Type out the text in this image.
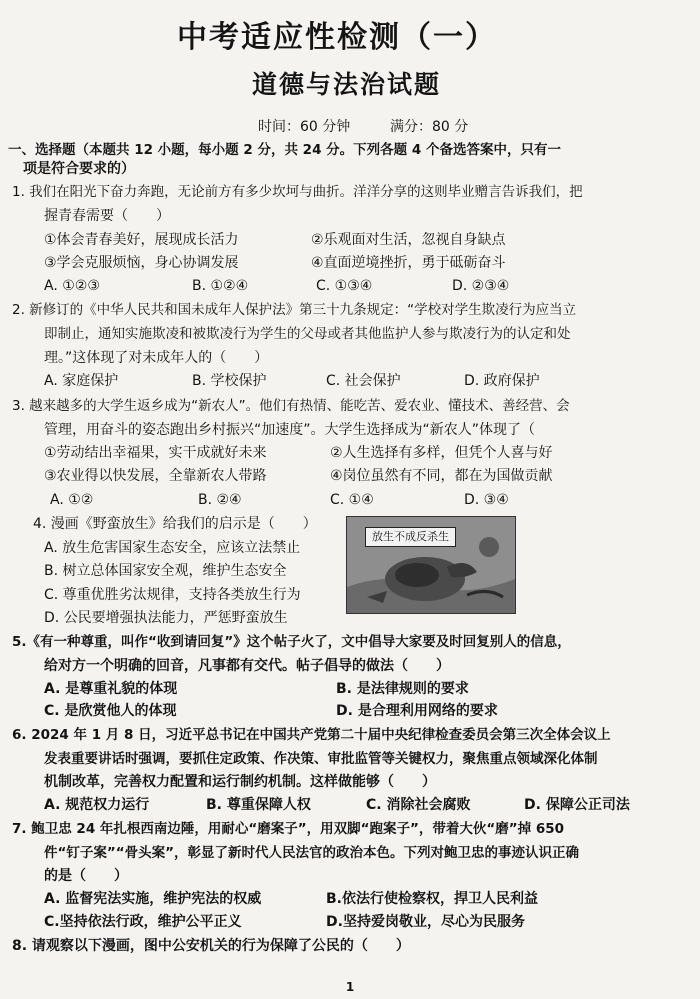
中考适应性检测（一）
道德与法治试题
时间：60 分钟	满分：80 分
一、选择题（本题共 12 小题，每小题 2 分，共 24 分。下列各题 4 个备选答案中，只有一
项是符合要求的）
1. 我们在阳光下奋力奔跑，无论前方有多少坎坷与曲折。洋洋分享的这则毕业赠言告诉我们，把
握青春需要（　　）
①体会青春美好，展现成长活力	②乐观面对生活，忽视自身缺点
③学会克服烦恼，身心协调发展	④直面逆境挫折，勇于砥砺奋斗
A. ①②③	B. ①②④	C. ①③④	D. ②③④
2. 新修订的《中华人民共和国未成年人保护法》第三十九条规定：“学校对学生欺凌行为应当立
即制止，通知实施欺凌和被欺凌行为学生的父母或者其他监护人参与欺凌行为的认定和处
理。”这体现了对未成年人的（　　）
A. 家庭保护	B. 学校保护	C. 社会保护	D. 政府保护
3. 越来越多的大学生返乡成为“新农人”。他们有热情、能吃苦、爱农业、懂技术、善经营、会
管理，用奋斗的姿态跑出乡村振兴“加速度”。大学生选择成为“新农人”体现了（
①劳动结出幸福果，实干成就好未来	②人生选择有多样，但凭个人喜与好
③农业得以快发展，全靠新农人带路	④岗位虽然有不同，都在为国做贡献
A. ①②	B. ②④	C. ①④	D. ③④
4. 漫画《野蛮放生》给我们的启示是（　　）
A. 放生危害国家生态安全，应该立法禁止
B. 树立总体国家安全观，维护生态安全
C. 尊重优胜劣汰规律，支持各类放生行为
D. 公民要增强执法能力，严惩野蛮放生
放生不成反杀生
5.《有一种尊重，叫作“收到请回复”》这个帖子火了，文中倡导大家要及时回复别人的信息，
给对方一个明确的回音，凡事都有交代。帖子倡导的做法（　　）
A. 是尊重礼貌的体现	B. 是法律规则的要求
C. 是欣赏他人的体现	D. 是合理利用网络的要求
6. 2024 年 1 月 8 日，习近平总书记在中国共产党第二十届中央纪律检查委员会第三次全体会议上
发表重要讲话时强调，要抓住定政策、作决策、审批监管等关键权力，聚焦重点领域深化体制
机制改革，完善权力配置和运行制约机制。这样做能够（　　）
A. 规范权力运行	B. 尊重保障人权	C. 消除社会腐败	D. 保障公正司法
7. 鲍卫忠 24 年扎根西南边陲，用耐心“磨案子”，用双脚“跑案子”，带着大伙“磨”掉 650
件“钉子案”“骨头案”，彰显了新时代人民法官的政治本色。下列对鲍卫忠的事迹认识正确
的是（　　）
A. 监督宪法实施，维护宪法的权威	B.依法行使检察权，捍卫人民利益
C.坚持依法行政，维护公平正义	D.坚持爱岗敬业，尽心为民服务
8. 请观察以下漫画，图中公安机关的行为保障了公民的（　　）
1
